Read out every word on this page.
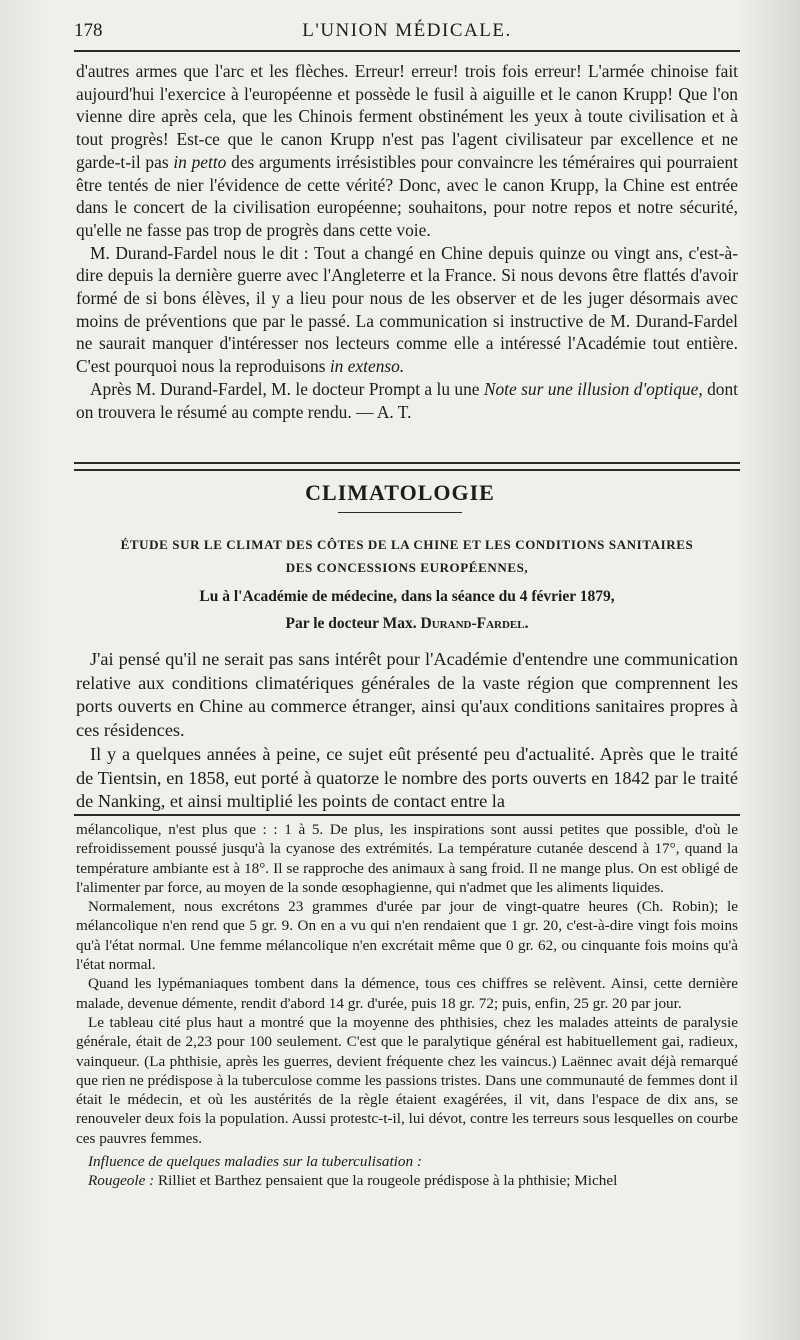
178	L'UNION MÉDICALE.

d'autres armes que l'arc et les flèches. Erreur! erreur! trois fois erreur! L'armée chinoise fait aujourd'hui l'exercice à l'européenne et possède le fusil à aiguille et le canon Krupp! Que l'on vienne dire après cela, que les Chinois ferment obstinément les yeux à toute civilisation et à tout progrès! Est-ce que le canon Krupp n'est pas l'agent civilisateur par excellence et ne garde-t-il pas in petto des arguments irrésistibles pour convaincre les téméraires qui pourraient être tentés de nier l'évidence de cette vérité? Donc, avec le canon Krupp, la Chine est entrée dans le concert de la civilisation européenne; souhaitons, pour notre repos et notre sécurité, qu'elle ne fasse pas trop de progrès dans cette voie.

M. Durand-Fardel nous le dit : Tout a changé en Chine depuis quinze ou vingt ans, c'est-à-dire depuis la dernière guerre avec l'Angleterre et la France. Si nous devons être flattés d'avoir formé de si bons élèves, il y a lieu pour nous de les observer et de les juger désormais avec moins de préventions que par le passé. La communication si instructive de M. Durand-Fardel ne saurait manquer d'intéresser nos lecteurs comme elle a intéressé l'Académie tout entière. C'est pourquoi nous la reproduisons in extenso.

Après M. Durand-Fardel, M. le docteur Prompt a lu une Note sur une illusion d'optique, dont on trouvera le résumé au compte rendu. — A. T.

CLIMATOLOGIE
ÉTUDE SUR LE CLIMAT DES CÔTES DE LA CHINE ET LES CONDITIONS SANITAIRES
DES CONCESSIONS EUROPÉENNES,
Lu à l'Académie de médecine, dans la séance du 4 février 1879,
Par le docteur Max. Durand-Fardel.

J'ai pensé qu'il ne serait pas sans intérêt pour l'Académie d'entendre une communication relative aux conditions climatériques générales de la vaste région que comprennent les ports ouverts en Chine au commerce étranger, ainsi qu'aux conditions sanitaires propres à ces résidences.

Il y a quelques années à peine, ce sujet eût présenté peu d'actualité. Après que le traité de Tientsin, en 1858, eut porté à quatorze le nombre des ports ouverts en 1842 par le traité de Nanking, et ainsi multiplié les points de contact entre la

mélancolique, n'est plus que : : 1 à 5. De plus, les inspirations sont aussi petites que possible, d'où le refroidissement poussé jusqu'à la cyanose des extrémités. La température cutanée descend à 17°, quand la température ambiante est à 18°. Il se rapproche des animaux à sang froid. Il ne mange plus. On est obligé de l'alimenter par force, au moyen de la sonde œsophagienne, qui n'admet que les aliments liquides.

Normalement, nous excrétons 23 grammes d'urée par jour de vingt-quatre heures (Ch. Robin); le mélancolique n'en rend que 5 gr. 9. On en a vu qui n'en rendaient que 1 gr. 20, c'est-à-dire vingt fois moins qu'à l'état normal. Une femme mélancolique n'en excrétait même que 0 gr. 62, ou cinquante fois moins qu'à l'état normal.

Quand les lypémaniaques tombent dans la démence, tous ces chiffres se relèvent. Ainsi, cette dernière malade, devenue démente, rendit d'abord 14 gr. d'urée, puis 18 gr. 72; puis, enfin, 25 gr. 20 par jour.

Le tableau cité plus haut a montré que la moyenne des phthisies, chez les malades atteints de paralysie générale, était de 2,23 pour 100 seulement. C'est que le paralytique général est habituellement gai, radieux, vainqueur. (La phthisie, après les guerres, devient fréquente chez les vaincus.) Laënnec avait déjà remarqué que rien ne prédispose à la tuberculose comme les passions tristes. Dans une communauté de femmes dont il était le médecin, et où les austérités de la règle étaient exagérées, il vit, dans l'espace de dix ans, se renouveler deux fois la population. Aussi protestc-t-il, lui dévot, contre les terreurs sous lesquelles on courbe ces pauvres femmes.

Influence de quelques maladies sur la tuberculisation :

Rougeole : Rilliet et Barthez pensaient que la rougeole prédispose à la phthisie; Michel
